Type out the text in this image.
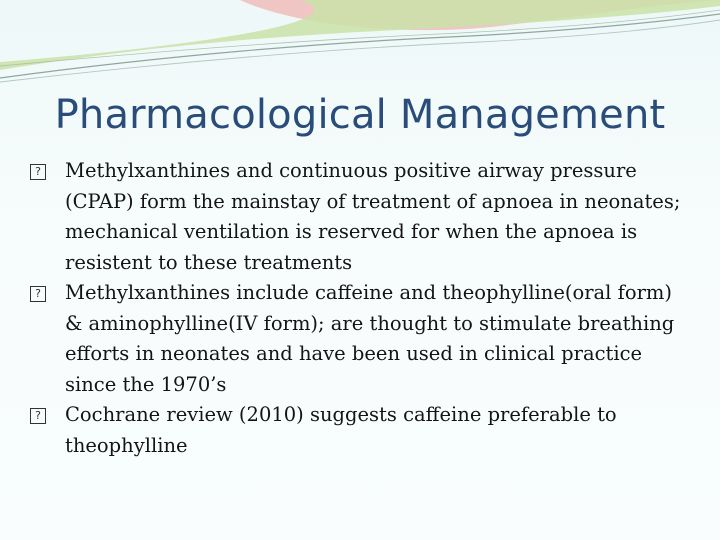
Pharmacological Management
? Methylxanthines and continuous positive airway pressure (CPAP) form the mainstay of treatment of apnoea in neonates; mechanical ventilation is reserved for when the apnoea is resistent to these treatments
? Methylxanthines include caffeine and theophylline(oral form) & aminophylline(IV form); are thought to stimulate breathing efforts in neonates and have been used in clinical practice since the 1970’s
? Cochrane review (2010) suggests caffeine preferable to theophylline
